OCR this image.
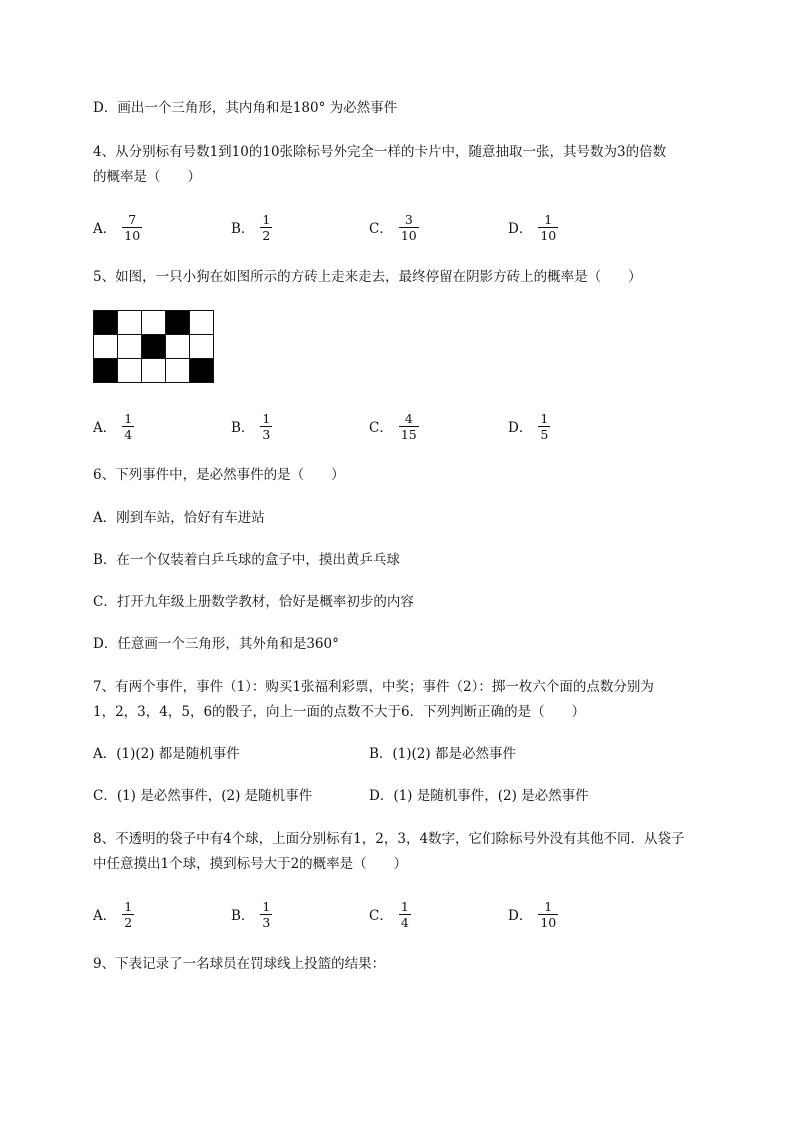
D．画出一个三角形，其内角和是180° 为必然事件
4、从分别标有号数1到10的10张除标号外完全一样的卡片中，随意抽取一张，其号数为3的倍数
的概率是（　　）
A． $\frac{7}{10}$	B． $\frac{1}{2}$	C． $\frac{3}{10}$	D． $\frac{1}{10}$
5、如图，一只小狗在如图所示的方砖上走来走去，最终停留在阴影方砖上的概率是（　　）
A． $\frac{1}{4}$	B． $\frac{1}{3}$	C． $\frac{4}{15}$	D． $\frac{1}{5}$
6、下列事件中，是必然事件的是（　　）
A．刚到车站，恰好有车进站
B．在一个仅装着白乒乓球的盒子中，摸出黄乒乓球
C．打开九年级上册数学教材，恰好是概率初步的内容
D．任意画一个三角形，其外角和是360°
7、有两个事件，事件（1）：购买1张福利彩票，中奖；事件（2）：掷一枚六个面的点数分别为
1，2，3，4，5，6的骰子，向上一面的点数不大于6．下列判断正确的是（　　）
A．(1)(2) 都是随机事件	B．(1)(2) 都是必然事件
C．(1) 是必然事件，(2) 是随机事件	D．(1) 是随机事件，(2) 是必然事件
8、不透明的袋子中有4个球，上面分别标有1，2，3，4数字，它们除标号外没有其他不同．从袋子
中任意摸出1个球，摸到标号大于2的概率是（　　）
A． $\frac{1}{2}$	B． $\frac{1}{3}$	C． $\frac{1}{4}$	D． $\frac{1}{10}$
9、下表记录了一名球员在罚球线上投篮的结果：
